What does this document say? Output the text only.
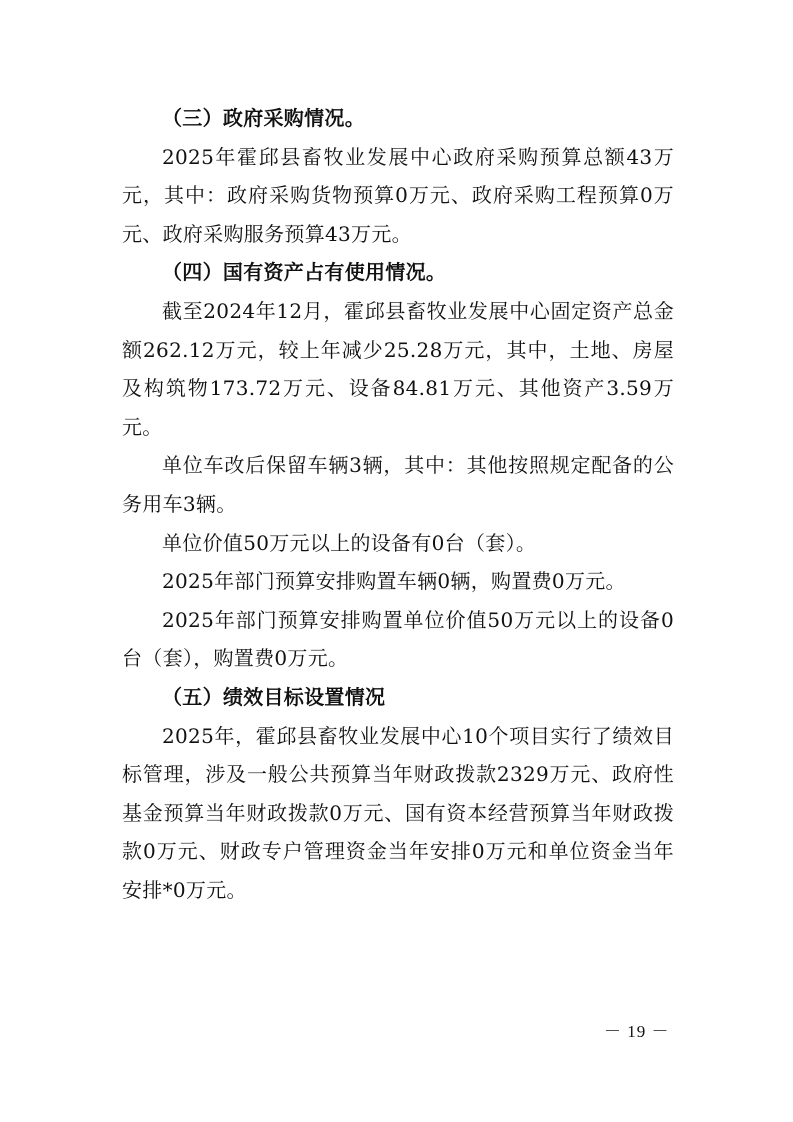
（三）政府采购情况。

2025年霍邱县畜牧业发展中心政府采购预算总额43万元，其中：政府采购货物预算0万元、政府采购工程预算0万元、政府采购服务预算43万元。

（四）国有资产占有使用情况。

截至2024年12月，霍邱县畜牧业发展中心固定资产总金额262.12万元，较上年减少25.28万元，其中，土地、房屋及构筑物173.72万元、设备84.81万元、其他资产3.59万元。

单位车改后保留车辆3辆，其中：其他按照规定配备的公务用车3辆。

单位价值50万元以上的设备有0台（套）。

2025年部门预算安排购置车辆0辆，购置费0万元。

2025年部门预算安排购置单位价值50万元以上的设备0台（套），购置费0万元。

（五）绩效目标设置情况

2025年，霍邱县畜牧业发展中心10个项目实行了绩效目标管理，涉及一般公共预算当年财政拨款2329万元、政府性基金预算当年财政拨款0万元、国有资本经营预算当年财政拨款0万元、财政专户管理资金当年安排0万元和单位资金当年安排*0万元。

－ 19 －
